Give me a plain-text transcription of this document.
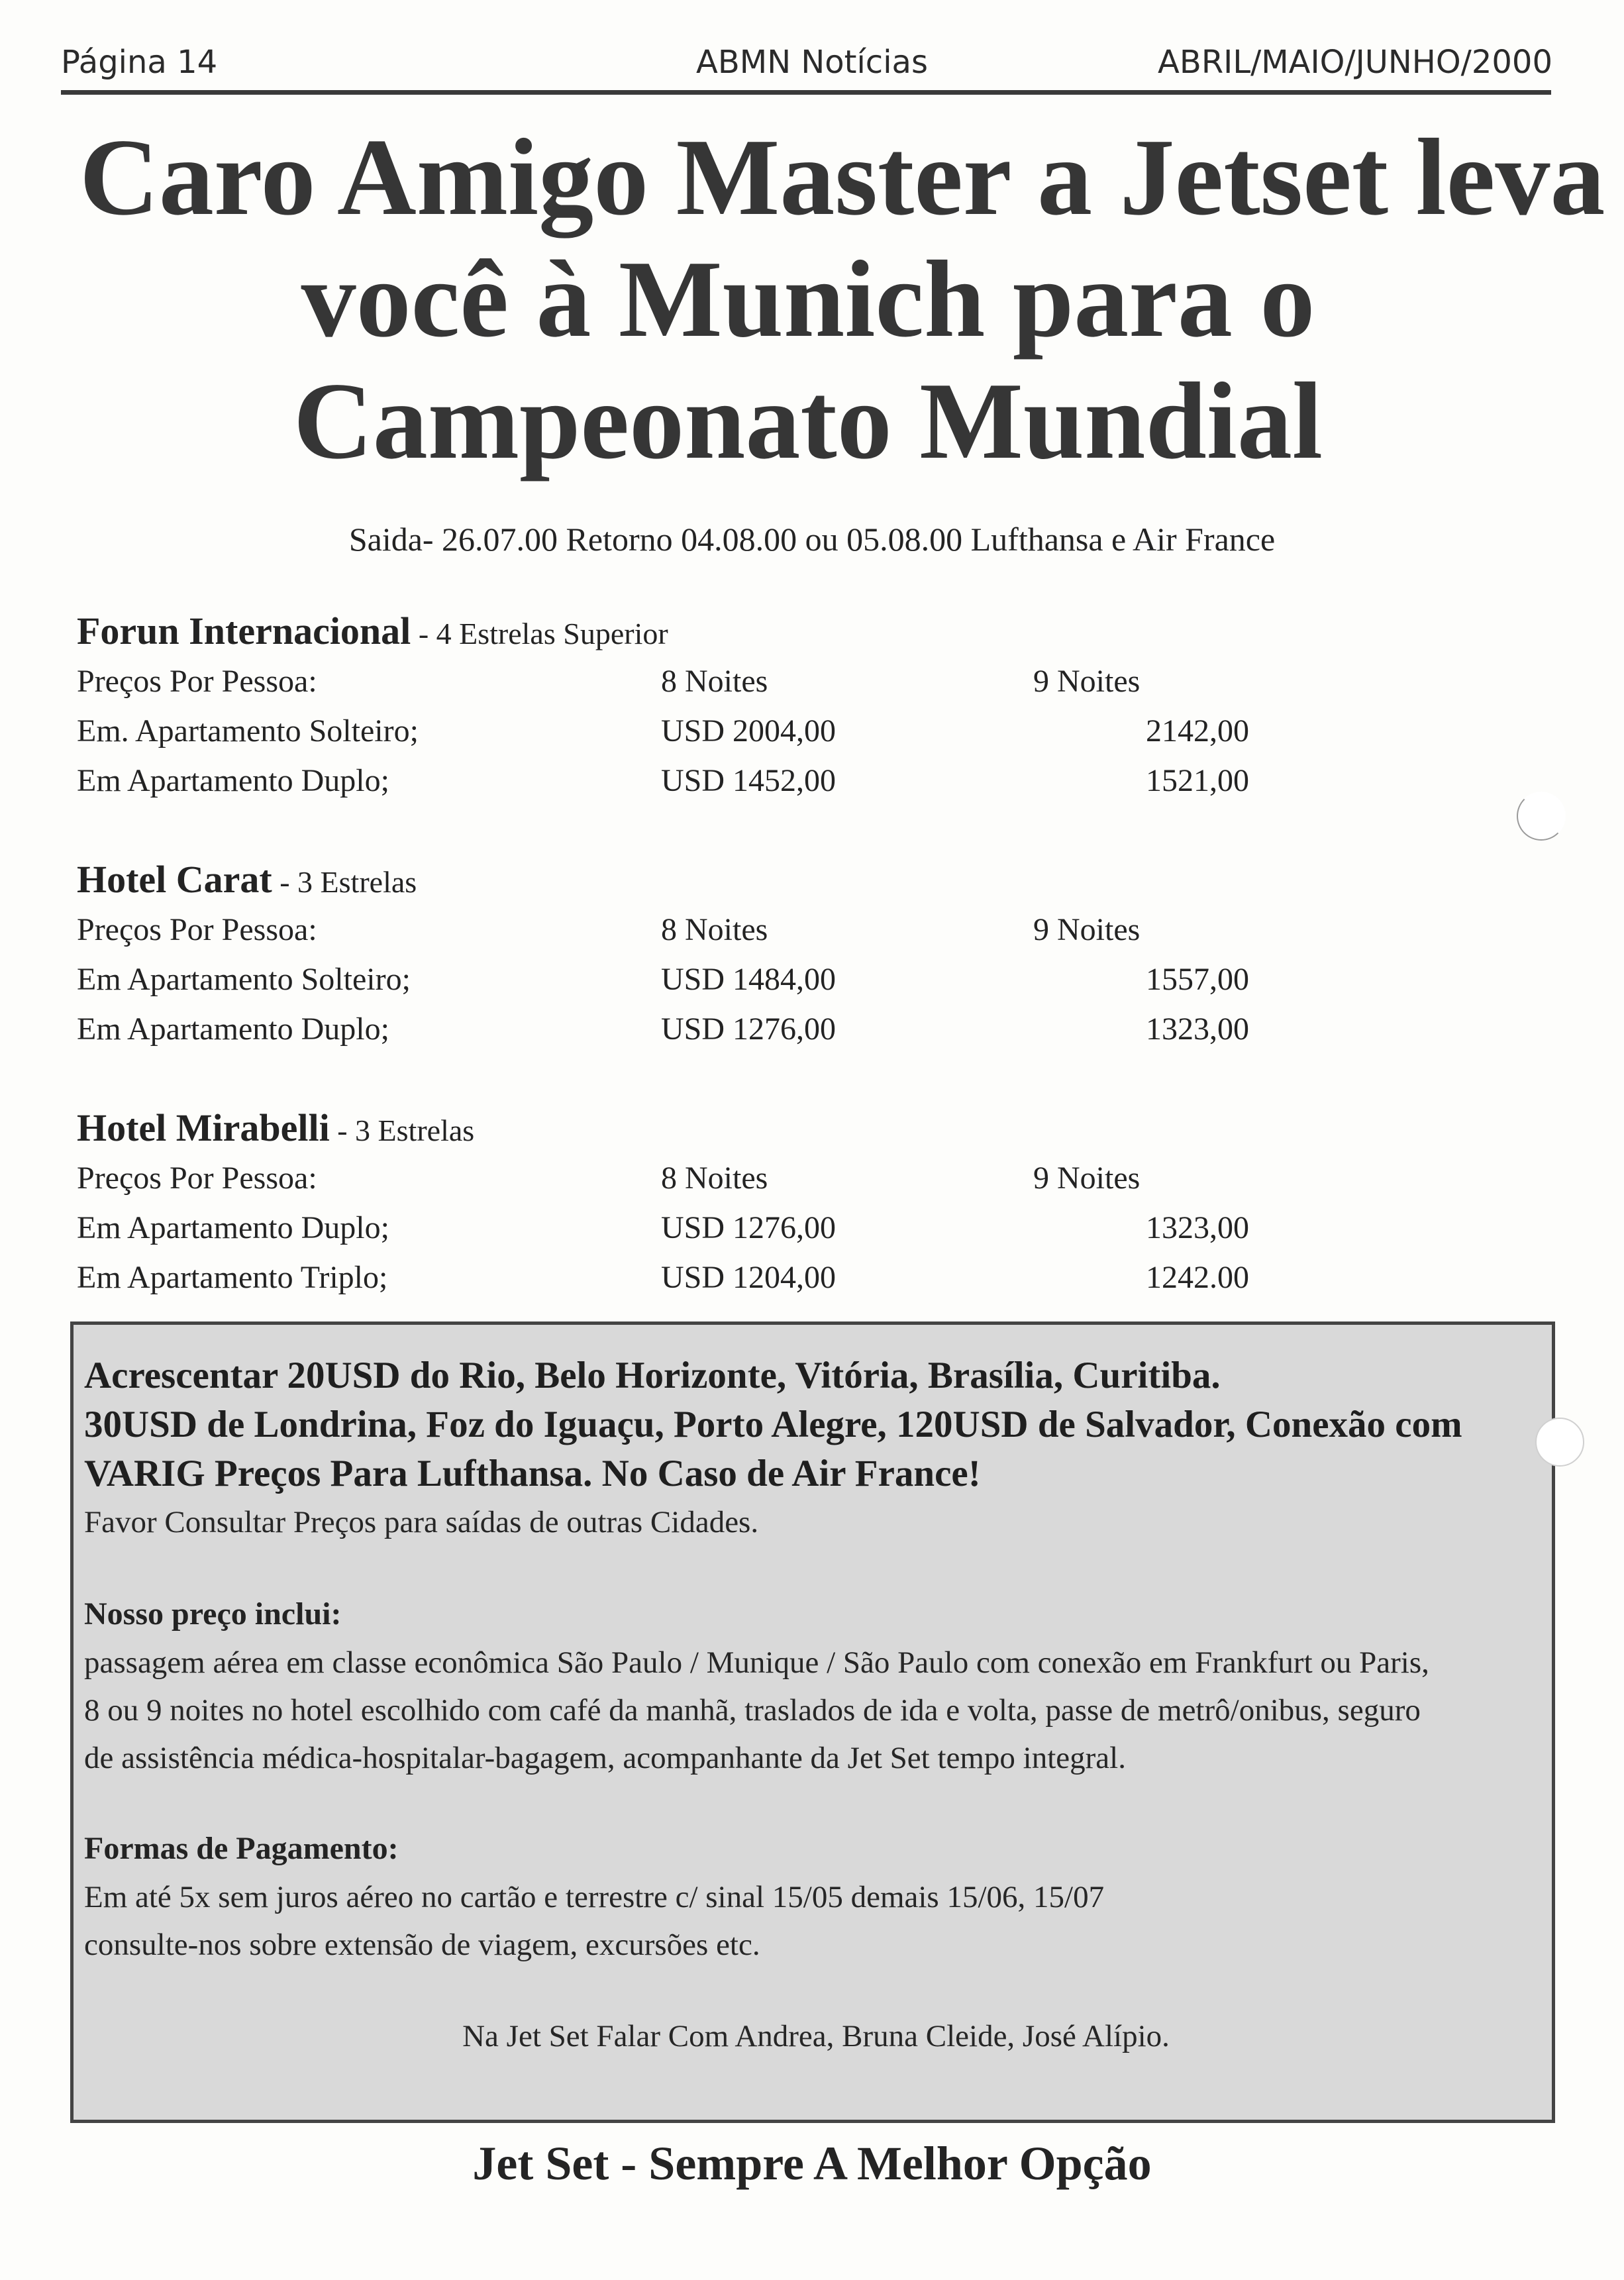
Página 14	ABMN Notícias	ABRIL/MAIO/JUNHO/2000
Caro Amigo Master a Jetset leva
você à Munich para o
Campeonato Mundial
Saida- 26.07.00 Retorno 04.08.00 ou 05.08.00 Lufthansa e Air France
Forun Internacional - 4 Estrelas Superior
Preços Por Pessoa:	8 Noites	9 Noites
Em. Apartamento Solteiro;	USD 2004,00	2142,00
Em Apartamento Duplo;	USD 1452,00	1521,00
Hotel Carat - 3 Estrelas
Preços Por Pessoa:	8 Noites	9 Noites
Em Apartamento Solteiro;	USD 1484,00	1557,00
Em Apartamento Duplo;	USD 1276,00	1323,00
Hotel Mirabelli - 3 Estrelas
Preços Por Pessoa:	8 Noites	9 Noites
Em Apartamento Duplo;	USD 1276,00	1323,00
Em Apartamento Triplo;	USD 1204,00	1242.00
Acrescentar 20USD do Rio, Belo Horizonte, Vitória, Brasília, Curitiba.
30USD de Londrina, Foz do Iguaçu, Porto Alegre, 120USD de Salvador, Conexão com
VARIG Preços Para Lufthansa. No Caso de Air France!
Favor Consultar Preços para saídas de outras Cidades.
Nosso preço inclui:
passagem aérea em classe econômica São Paulo / Munique / São Paulo com conexão em Frankfurt ou Paris,
8 ou 9 noites no hotel escolhido com café da manhã, traslados de ida e volta, passe de metrô/onibus, seguro
de assistência médica-hospitalar-bagagem, acompanhante da Jet Set tempo integral.
Formas de Pagamento:
Em até 5x sem juros aéreo no cartão e terrestre c/ sinal 15/05 demais 15/06, 15/07
consulte-nos sobre extensão de viagem, excursões etc.
Na Jet Set Falar Com Andrea, Bruna Cleide, José Alípio.
Jet Set - Sempre A Melhor Opção
